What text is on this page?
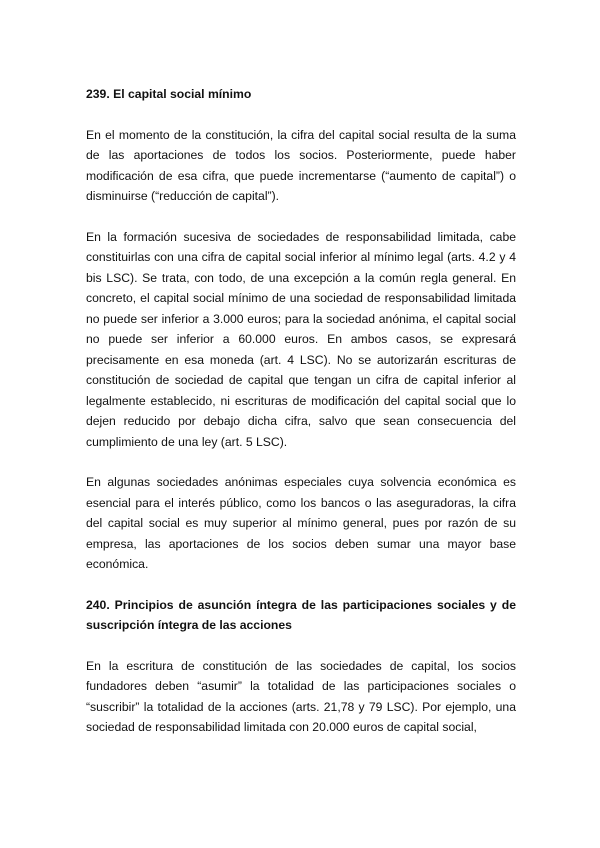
239. El capital social mínimo

En el momento de la constitución, la cifra del capital social resulta de la suma de las aportaciones de todos los socios. Posteriormente, puede haber modificación de esa cifra, que puede incrementarse (“aumento de capital”) o disminuirse (“reducción de capital”).

En la formación sucesiva de sociedades de responsabilidad limitada, cabe constituirlas con una cifra de capital social inferior al mínimo legal (arts. 4.2 y 4 bis LSC). Se trata, con todo, de una excepción a la común regla general. En concreto, el capital social mínimo de una sociedad de responsabilidad limitada no puede ser inferior a 3.000 euros; para la sociedad anónima, el capital social no puede ser inferior a 60.000 euros. En ambos casos, se expresará precisamente en esa moneda (art. 4 LSC). No se autorizarán escrituras de constitución de sociedad de capital que tengan un cifra de capital inferior al legalmente establecido, ni escrituras de modificación del capital social que lo dejen reducido por debajo dicha cifra, salvo que sean consecuencia del cumplimiento de una ley (art. 5 LSC).

En algunas sociedades anónimas especiales cuya solvencia económica es esencial para el interés público, como los bancos o las aseguradoras, la cifra del capital social es muy superior al mínimo general, pues por razón de su empresa, las aportaciones de los socios deben sumar una mayor base económica.

240. Principios de asunción íntegra de las participaciones sociales y de suscripción íntegra de las acciones

En la escritura de constitución de las sociedades de capital, los socios fundadores deben “asumir” la totalidad de las participaciones sociales o “suscribir” la totalidad de la acciones (arts. 21,78 y 79 LSC). Por ejemplo, una sociedad de responsabilidad limitada con 20.000 euros de capital social,
